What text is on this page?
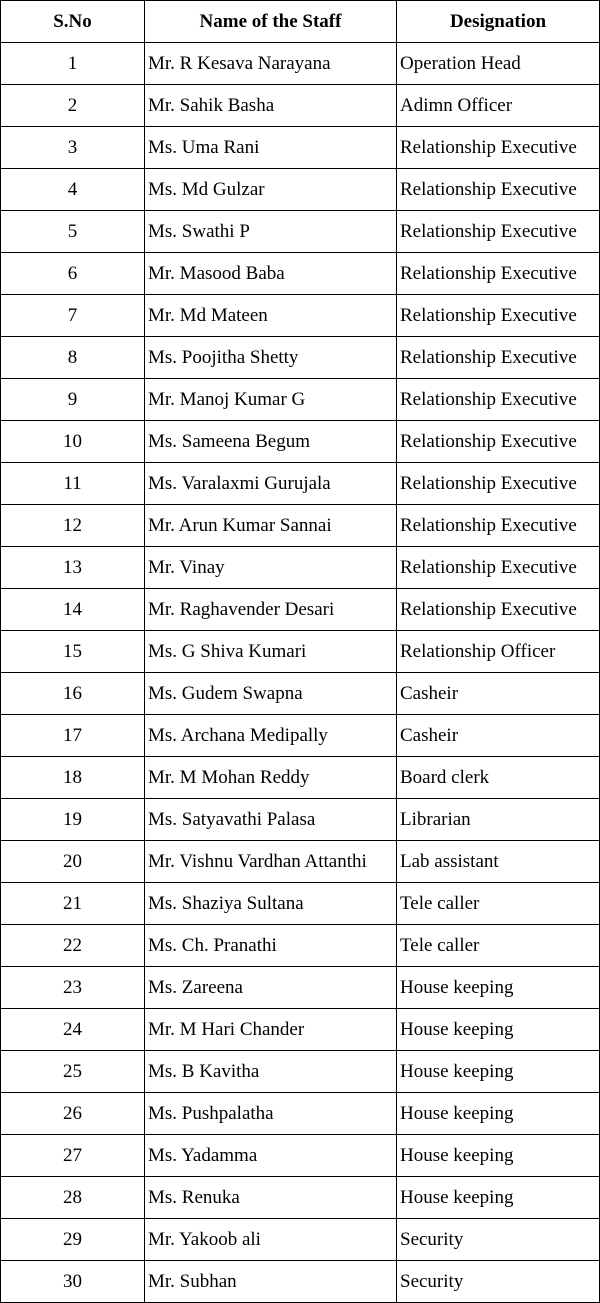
S.No	Name of the Staff	Designation
1	Mr. R Kesava Narayana	Operation Head
2	Mr. Sahik Basha	Adimn Officer
3	Ms. Uma Rani	Relationship Executive
4	Ms. Md Gulzar	Relationship Executive
5	Ms. Swathi P	Relationship Executive
6	Mr. Masood Baba	Relationship Executive
7	Mr. Md Mateen	Relationship Executive
8	Ms. Poojitha Shetty	Relationship Executive
9	Mr. Manoj Kumar G	Relationship Executive
10	Ms. Sameena Begum	Relationship Executive
11	Ms. Varalaxmi Gurujala	Relationship Executive
12	Mr. Arun Kumar Sannai	Relationship Executive
13	Mr. Vinay	Relationship Executive
14	Mr. Raghavender Desari	Relationship Executive
15	Ms. G Shiva Kumari	Relationship Officer
16	Ms. Gudem Swapna	Casheir
17	Ms. Archana Medipally	Casheir
18	Mr. M Mohan Reddy	Board clerk
19	Ms. Satyavathi Palasa	Librarian
20	Mr. Vishnu Vardhan Attanthi	Lab assistant
21	Ms. Shaziya Sultana	Tele caller
22	Ms. Ch. Pranathi	Tele caller
23	Ms. Zareena	House keeping
24	Mr. M Hari Chander	House keeping
25	Ms. B Kavitha	House keeping
26	Ms. Pushpalatha	House keeping
27	Ms. Yadamma	House keeping
28	Ms. Renuka	House keeping
29	Mr. Yakoob ali	Security
30	Mr. Subhan	Security
